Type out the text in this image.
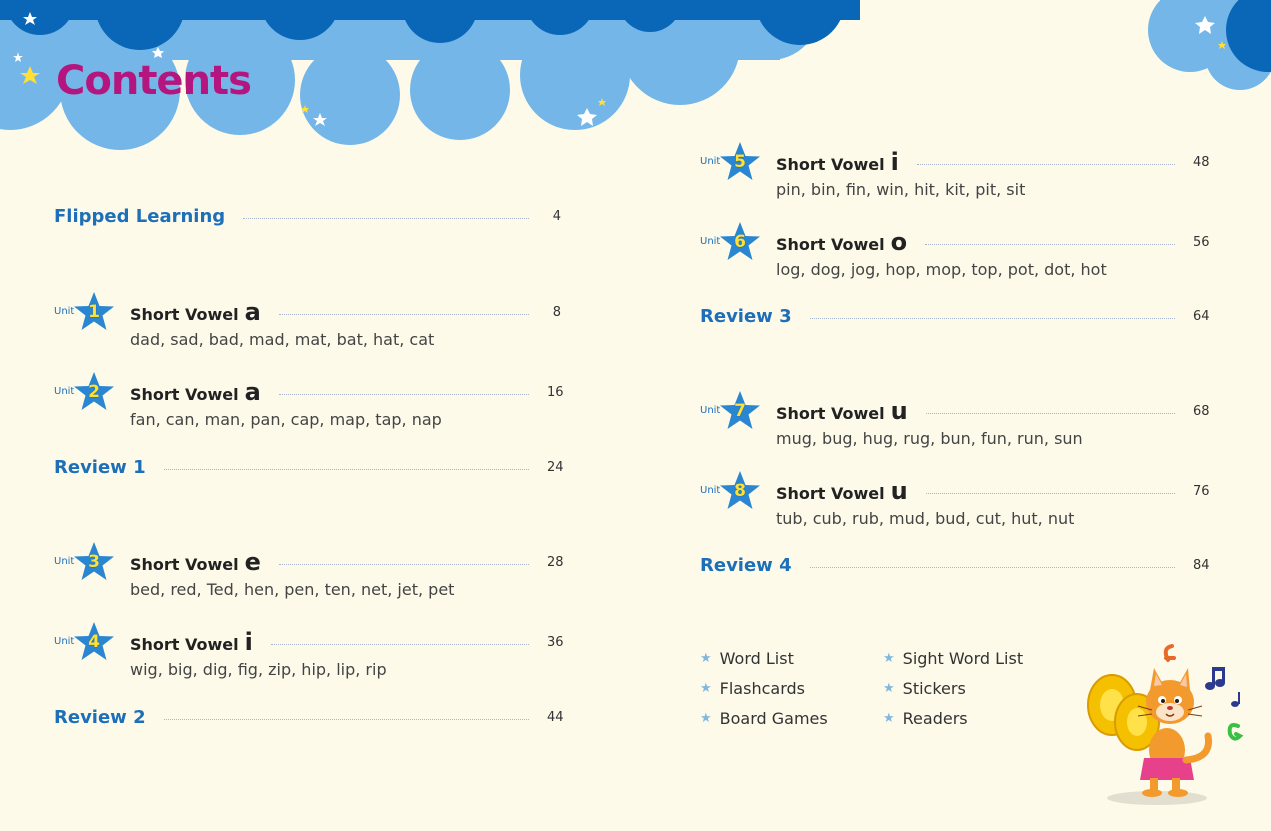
Contents
Flipped Learning	4
Unit 1	Short Vowel a	8
dad, sad, bad, mad, mat, bat, hat, cat
Unit 2	Short Vowel a	16
fan, can, man, pan, cap, map, tap, nap
Review 1	24
Unit 3	Short Vowel e	28
bed, red, Ted, hen, pen, ten, net, jet, pet
Unit 4	Short Vowel i	36
wig, big, dig, fig, zip, hip, lip, rip
Review 2	44
Unit 5	Short Vowel i	48
pin, bin, fin, win, hit, kit, pit, sit
Unit 6	Short Vowel o	56
log, dog, jog, hop, mop, top, pot, dot, hot
Review 3	64
Unit 7	Short Vowel u	68
mug, bug, hug, rug, bun, fun, run, sun
Unit 8	Short Vowel u	76
tub, cub, rub, mud, bud, cut, hut, nut
Review 4	84
★ Word List
★ Flashcards
★ Board Games
★ Sight Word List
★ Stickers
★ Readers
